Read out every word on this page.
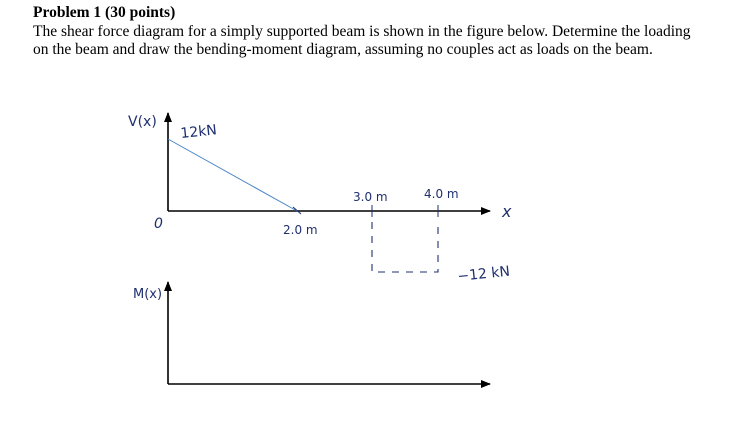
Problem 1 (30 points)

The shear force diagram for a simply supported beam is shown in the figure below. Determine the loading on the beam and draw the bending-moment diagram, assuming no couples act as loads on the beam.

V(x)
12kN
0	2.0 m
3.0 m	4.0 m
x
−12 kN
M(x)
